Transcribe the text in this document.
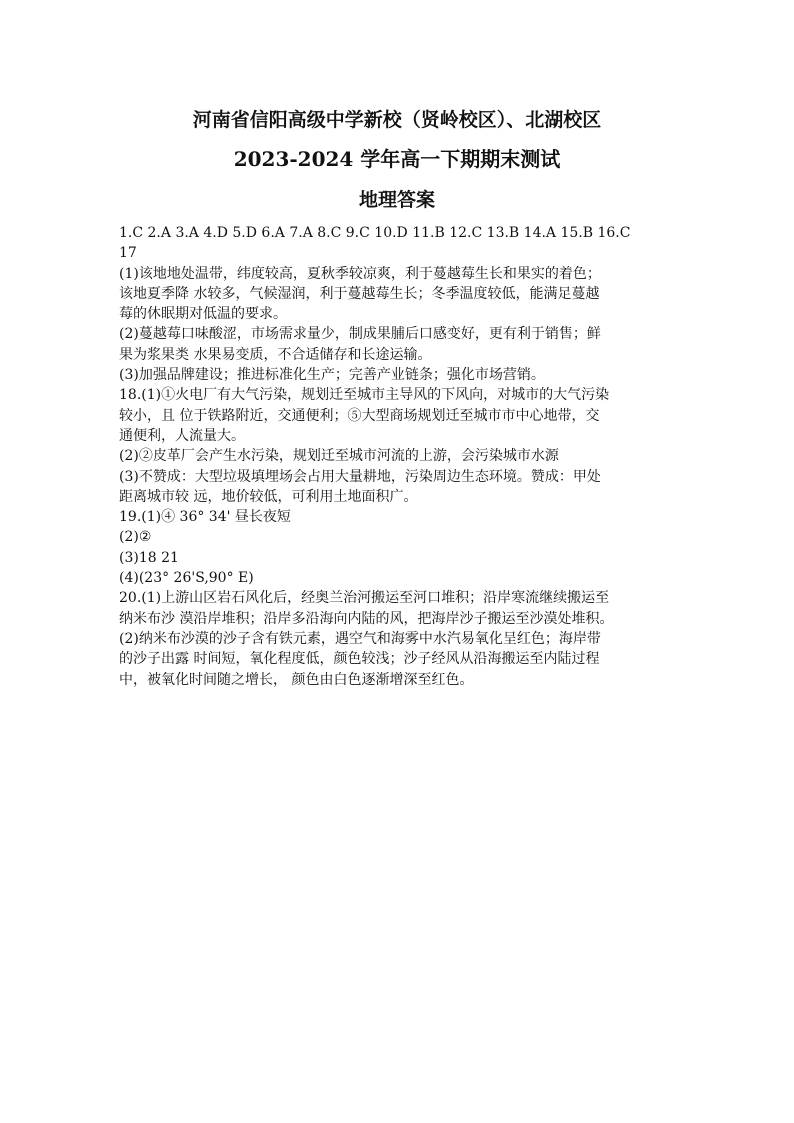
河南省信阳高级中学新校（贤岭校区）、北湖校区
2023-2024 学年高一下期期末测试
地理答案
1.C 2.A 3.A 4.D 5.D 6.A 7.A 8.C 9.C 10.D 11.B 12.C 13.B 14.A 15.B 16.C
17
(1)该地地处温带，纬度较高，夏秋季较凉爽，利于蔓越莓生长和果实的着色；
该地夏季降 水较多，气候湿润，利于蔓越莓生长；冬季温度较低，能满足蔓越
莓的休眠期对低温的要求。
(2)蔓越莓口味酸涩，市场需求量少，制成果脯后口感变好，更有利于销售；鲜
果为浆果类 水果易变质，不合适储存和长途运输。
(3)加强品牌建设；推进标准化生产；完善产业链条；强化市场营销。
18.(1)①火电厂有大气污染，规划迁至城市主导风的下风向，对城市的大气污染
较小，且 位于铁路附近，交通便利；⑤大型商场规划迁至城市市中心地带，交
通便利，人流量大。
(2)②皮革厂会产生水污染，规划迁至城市河流的上游，会污染城市水源
(3)不赞成：大型垃圾填埋场会占用大量耕地，污染周边生态环境。赞成：甲处
距离城市较 远，地价较低，可利用土地面积广。
19.(1)④ 36° 34' 昼长夜短
(2)②
(3)18 21
(4)(23° 26'S,90° E)
20.(1)上游山区岩石风化后，经奥兰治河搬运至河口堆积；沿岸寒流继续搬运至
纳米布沙 漠沿岸堆积；沿岸多沿海向内陆的风，把海岸沙子搬运至沙漠处堆积。
(2)纳米布沙漠的沙子含有铁元素，遇空气和海雾中水汽易氧化呈红色；海岸带
的沙子出露 时间短，氧化程度低，颜色较浅；沙子经风从沿海搬运至内陆过程
中，被氧化时间随之增长， 颜色由白色逐渐增深至红色。
